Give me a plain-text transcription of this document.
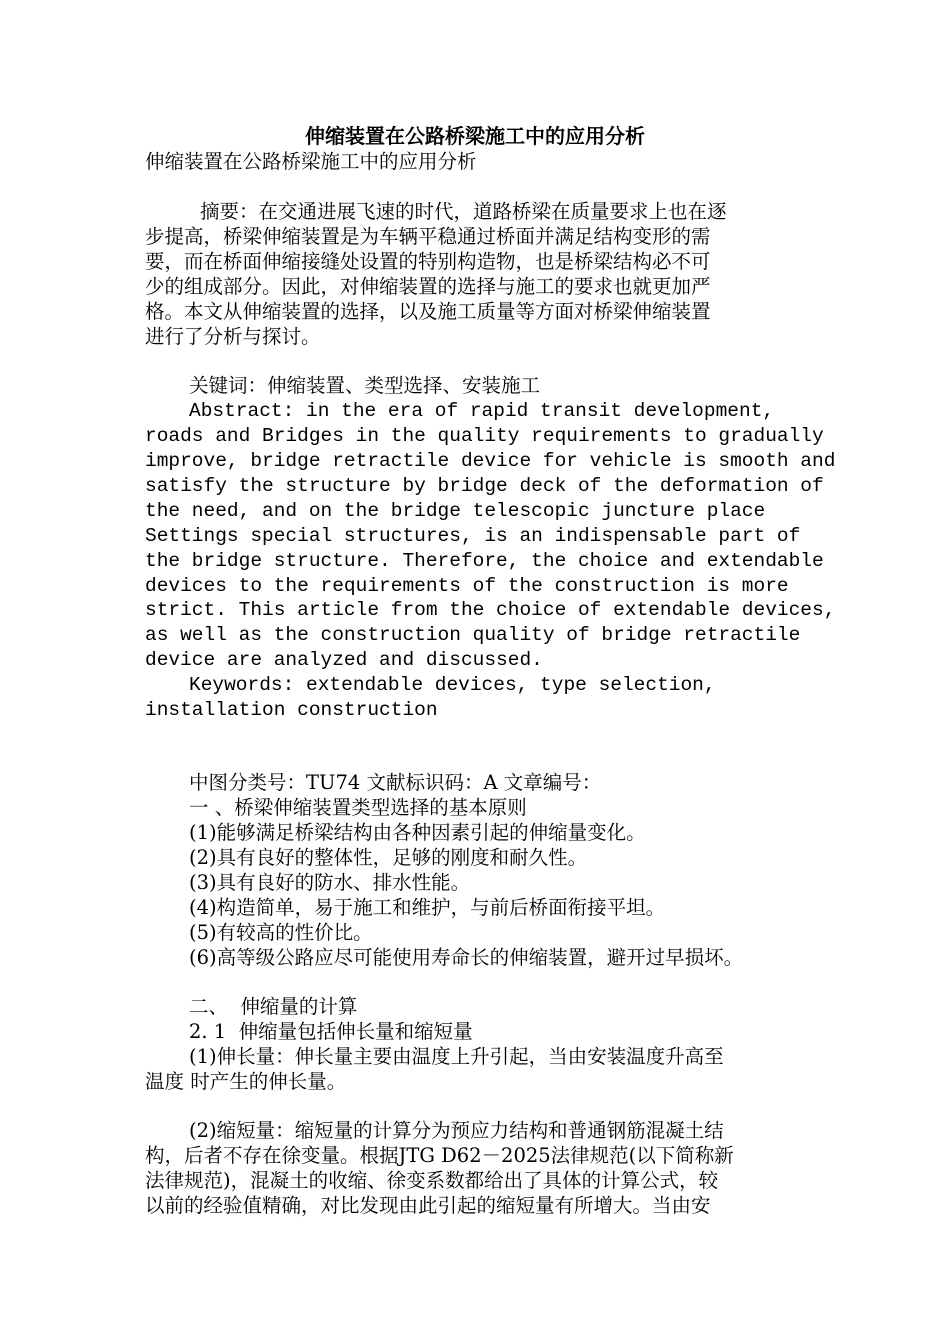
伸缩装置在公路桥梁施工中的应用分析

伸缩装置在公路桥梁施工中的应用分析

摘要：在交通进展飞速的时代，道路桥梁在质量要求上也在逐

步提高，桥梁伸缩装置是为车辆平稳通过桥面并满足结构变形的需

要，而在桥面伸缩接缝处设置的特别构造物，也是桥梁结构必不可

少的组成部分。因此，对伸缩装置的选择与施工的要求也就更加严

格。本文从伸缩装置的选择，以及施工质量等方面对桥梁伸缩装置

进行了分析与探讨。

关键词：伸缩装置、类型选择、安装施工

Abstract: in the era of rapid transit development,

roads and Bridges in the quality requirements to gradually

improve, bridge retractile device for vehicle is smooth and

satisfy the structure by bridge deck of the deformation of

the need, and on the bridge telescopic juncture place

Settings special structures, is an indispensable part of

the bridge structure. Therefore, the choice and extendable

devices to the requirements of the construction is more

strict. This article from the choice of extendable devices,

as well as the construction quality of bridge retractile

device are analyzed and discussed.

Keywords: extendable devices, type selection,

installation construction

中图分类号：TU74 文献标识码：A 文章编号：

一 、桥梁伸缩装置类型选择的基本原则

(1)能够满足桥梁结构由各种因素引起的伸缩量变化。

(2)具有良好的整体性，足够的刚度和耐久性。

(3)具有良好的防水、排水性能。

(4)构造简单，易于施工和维护，与前后桥面衔接平坦。

(5)有较高的性价比。

(6)高等级公路应尽可能使用寿命长的伸缩装置，避开过早损坏。

二、  伸缩量的计算

2. 1  伸缩量包括伸长量和缩短量

(1)伸长量：伸长量主要由温度上升引起，当由安装温度升高至

温度 时产生的伸长量。

(2)缩短量：缩短量的计算分为预应力结构和普通钢筋混凝土结

构，后者不存在徐变量。根据JTG D62－2025法律规范(以下简称新

法律规范)，混凝土的收缩、徐变系数都给出了具体的计算公式，较

以前的经验值精确，对比发现由此引起的缩短量有所增大。当由安
